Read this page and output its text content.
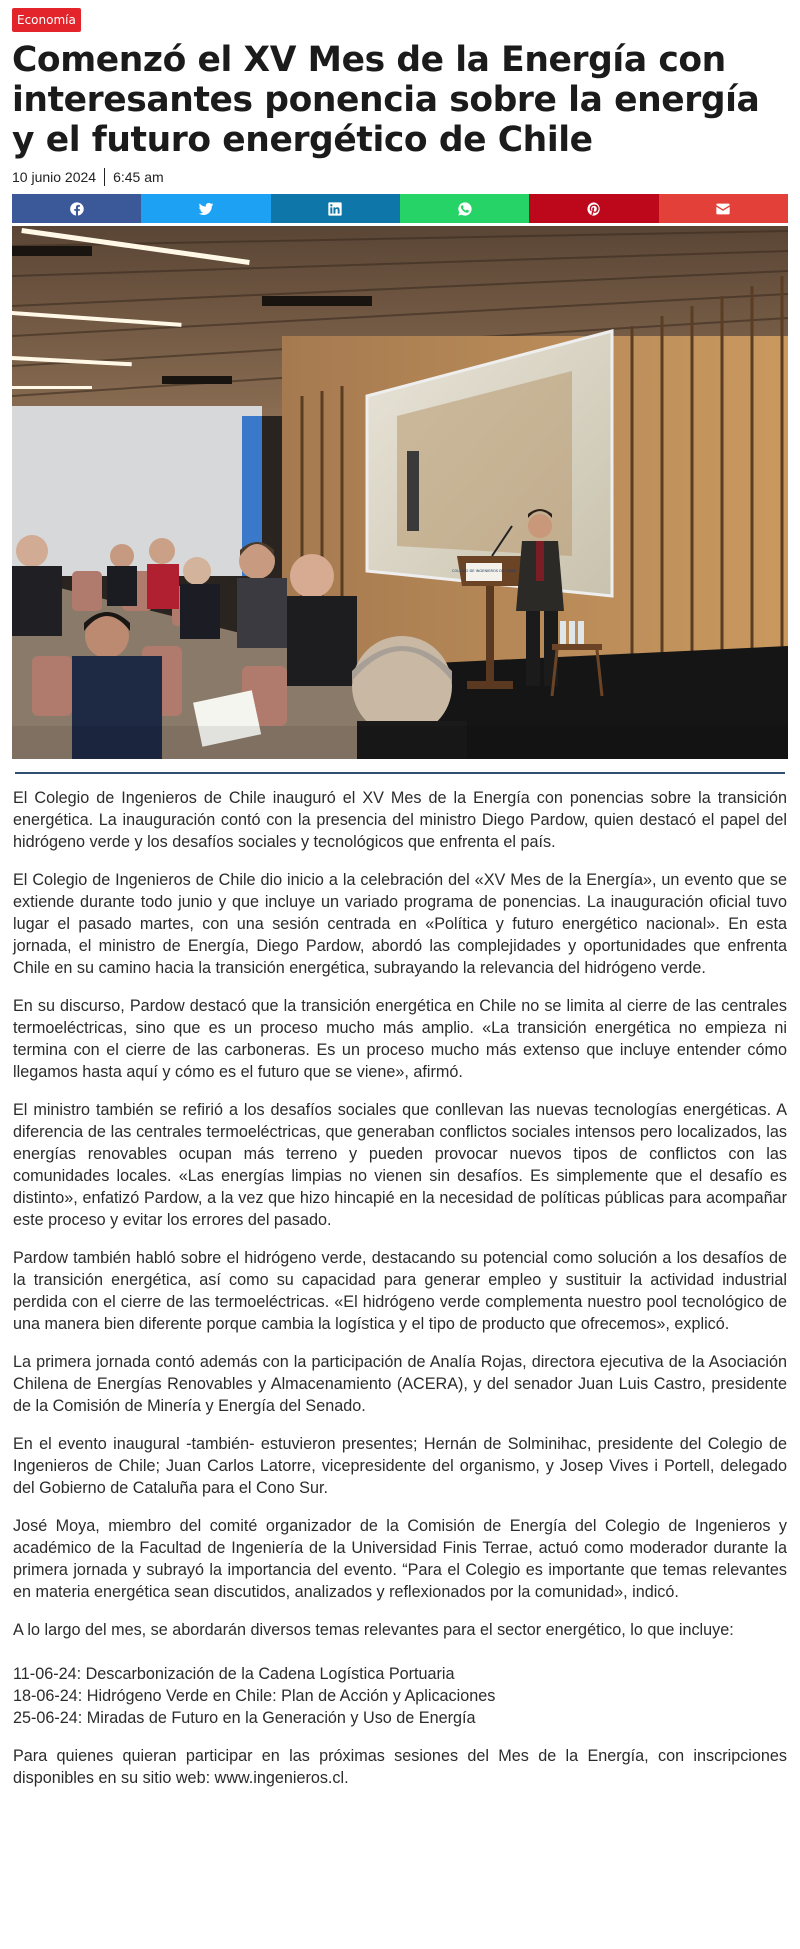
Economía
Comenzó el XV Mes de la Energía con interesantes ponencia sobre la energía y el futuro energético de Chile
10 junio 2024 6:45 am
COLEGIO DE INGENIEROS DE CHILE

El Colegio de Ingenieros de Chile inauguró el XV Mes de la Energía con ponencias sobre la transición energética. La inauguración contó con la presencia del ministro Diego Pardow, quien destacó el papel del hidrógeno verde y los desafíos sociales y tecnológicos que enfrenta el país.

El Colegio de Ingenieros de Chile dio inicio a la celebración del «XV Mes de la Energía», un evento que se extiende durante todo junio y que incluye un variado programa de ponencias. La inauguración oficial tuvo lugar el pasado martes, con una sesión centrada en «Política y futuro energético nacional». En esta jornada, el ministro de Energía, Diego Pardow, abordó las complejidades y oportunidades que enfrenta Chile en su camino hacia la transición energética, subrayando la relevancia del hidrógeno verde.

En su discurso, Pardow destacó que la transición energética en Chile no se limita al cierre de las centrales termoeléctricas, sino que es un proceso mucho más amplio. «La transición energética no empieza ni termina con el cierre de las carboneras. Es un proceso mucho más extenso que incluye entender cómo llegamos hasta aquí y cómo es el futuro que se viene», afirmó.

El ministro también se refirió a los desafíos sociales que conllevan las nuevas tecnologías energéticas. A diferencia de las centrales termoeléctricas, que generaban conflictos sociales intensos pero localizados, las energías renovables ocupan más terreno y pueden provocar nuevos tipos de conflictos con las comunidades locales. «Las energías limpias no vienen sin desafíos. Es simplemente que el desafío es distinto», enfatizó Pardow, a la vez que hizo hincapié en la necesidad de políticas públicas para acompañar este proceso y evitar los errores del pasado.

Pardow también habló sobre el hidrógeno verde, destacando su potencial como solución a los desafíos de la transición energética, así como su capacidad para generar empleo y sustituir la actividad industrial perdida con el cierre de las termoeléctricas. «El hidrógeno verde complementa nuestro pool tecnológico de una manera bien diferente porque cambia la logística y el tipo de producto que ofrecemos», explicó.

La primera jornada contó además con la participación de Analía Rojas, directora ejecutiva de la Asociación Chilena de Energías Renovables y Almacenamiento (ACERA), y del senador Juan Luis Castro, presidente de la Comisión de Minería y Energía del Senado.

En el evento inaugural -también- estuvieron presentes; Hernán de Solminihac, presidente del Colegio de Ingenieros de Chile; Juan Carlos Latorre, vicepresidente del organismo, y Josep Vives i Portell, delegado del Gobierno de Cataluña para el Cono Sur.

José Moya, miembro del comité organizador de la Comisión de Energía del Colegio de Ingenieros y académico de la Facultad de Ingeniería de la Universidad Finis Terrae, actuó como moderador durante la primera jornada y subrayó la importancia del evento. “Para el Colegio es importante que temas relevantes en materia energética sean discutidos, analizados y reflexionados por la comunidad», indicó.

A lo largo del mes, se abordarán diversos temas relevantes para el sector energético, lo que incluye:

11-06-24: Descarbonización de la Cadena Logística Portuaria
18-06-24: Hidrógeno Verde en Chile: Plan de Acción y Aplicaciones
25-06-24: Miradas de Futuro en la Generación y Uso de Energía

Para quienes quieran participar en las próximas sesiones del Mes de la Energía, con inscripciones disponibles en su sitio web: www.ingenieros.cl.
